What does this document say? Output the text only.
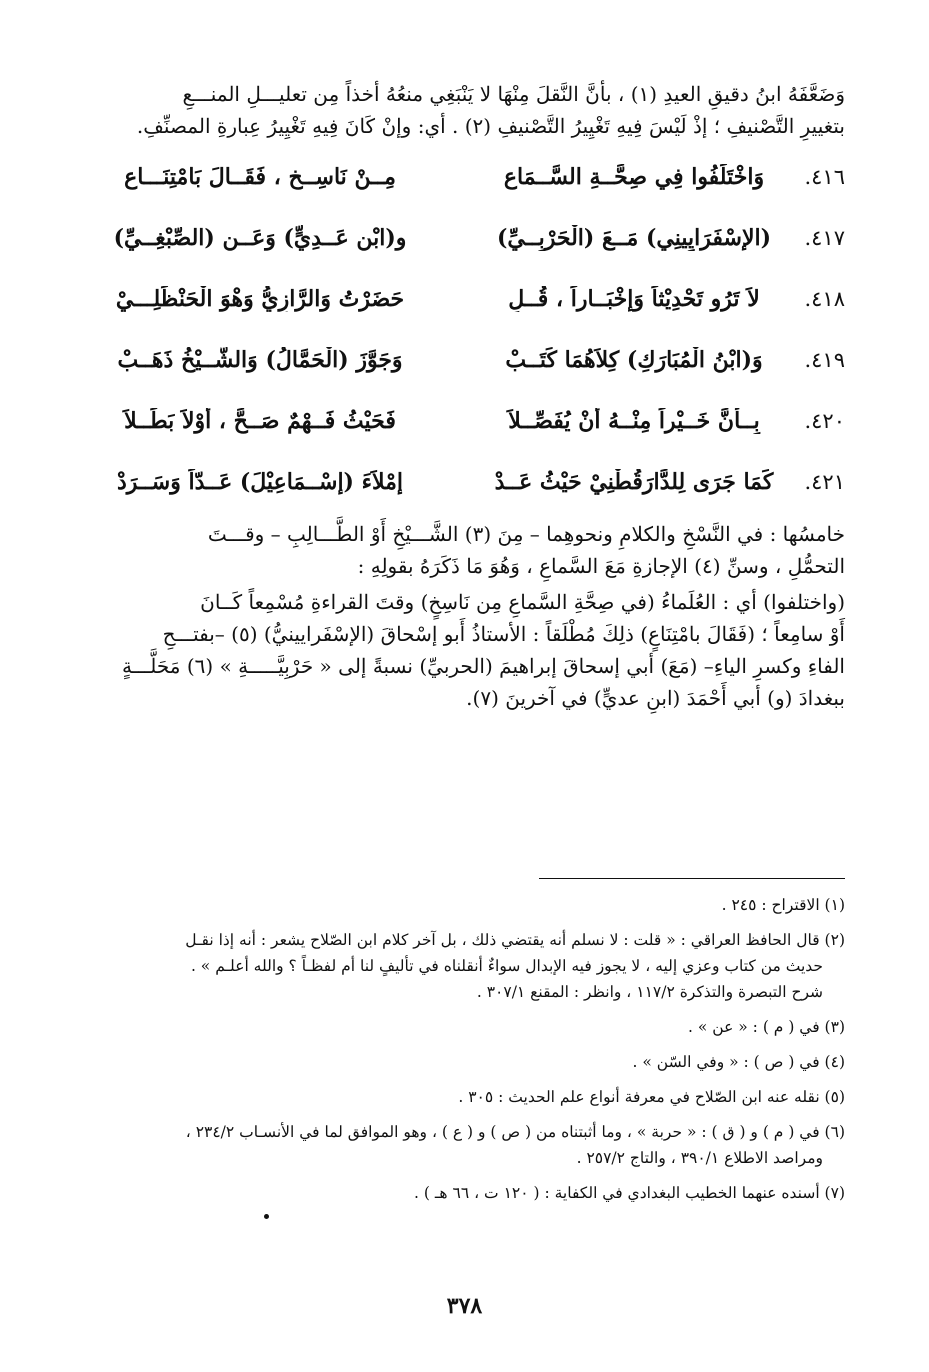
وَضَعَّفَهُ ابنُ دقيقِ العيدِ (١) ، بأنَّ النَّقلَ مِنْهَا لا يَنْبَغِي منعُهُ أخذاً مِن تعليـــلِ المنـــعِ

بتغييرِ التَّصْنيفِ ؛ إذْ لَيْسَ فِيهِ تَغْيِيرُ التَّصْنيفِ (٢) . أي: وإنْ كَانَ فِيهِ تَغْيِيرُ عِبارةِ المصنِّفِ.

٤١٦.
وَاخْتَلَفُوا فِي صِحَّــةِ السَّــمَاعِ
مِــنْ نَاسِــخٍ ، فَقَــالَ بَامْتِنَـــاعِ
٤١٧.
(الإسْفَرَايِينِي) مَــعَ (الْحَرْبِــيِّ)
و(ابْنِ عَــدِيٍّ) وَعَــنِ (الصِّبْغِــيِّ)
٤١٨.
لاَ تَرُو تَحْدِيْثاً وَإخْبَــاراً ، قُــلِ
حَضَرْتُ وَالرَّازِيُّ وَهْوَ الْحَنْظَلِـــيْ
٤١٩.
وَ(ابْنُ الْمُبَارَكِ) كِلاَهُمَا كَتَــبْ
وَجَوَّزَ (الْحَمَّالُ) وَالشَّــيْخُ ذَهَــبْ
٤٢٠.
بِــأَنَّ خَــيْراً مِنْــهُ أَنْ يُفَصِّــلاَ
فَحَيْثُ فَــهْمٌ صَــحَّ ، أوْلاَ بَطَــلاَ
٤٢١.
كَمَا جَرَى لِلدَّارَقُطْنِيْ حَيْثُ عَــدْ
إمْلاَءَ (إسْــمَاعِيْلَ) عَــدّاً وَسَــرَدْ

خامسُها : في النَّسْخِ والكلامِ ونحوهِما – مِنَ (٣) الشَّـــيْخِ أَوْ الطَّـــالِبِ – وقـــتَ

التحمُّلِ ، وسنِّ (٤) الإجازةِ مَعَ السَّماعِ ، وَهُوَ مَا ذَكَرَهُ بقولِهِ :

(واختلفوا) أي : العُلَماءُ (في صِحَّةِ السَّماعِ مِن نَاسِخٍ) وقتَ القراءةِ مُسْمِعاً كَــانَ

أَوْ سامِعاً ؛ (فَقَالَ بامْتِنَاعٍ) ذلِكَ مُطْلَقاً : الأستاذُ أَبو إسْحاقَ (الإسْفَرايينيُّ) (٥) –بفتـــحِ

الفاءِ وكسرِ الياءِ– (مَعَ) أبي إسحاقَ إبراهيمَ (الحربيِّ) نسبةً إلى « حَرْبِيَّـــــةِ » (٦) مَحَلَّـــةٍ

ببغدادَ (و) أبي أَحْمَدَ (ابنِ عديٍّ) في آخرينَ (٧).

(١) الاقتراح : ٢٤٥ .

(٢) قال الحافظ العراقي : « قلت : لا نسلم أنه يقتضي ذلك ، بل آخر كلام ابن الصّلاح يشعر : أنه إذا نقـل
حديث من كتاب وعزي إليه ، لا يجوز فيه الإبدال سواءٌ أنقلناه في تأليفٍ لنا أم لفظـاً ؟ والله أعلـم » .
شرح التبصرة والتذكرة ١١٧/٢ ، وانظر : المقنع ٣٠٧/١ .

(٣) في ( م ) : « عن » .

(٤) في ( ص ) : « وفي السّن » .

(٥) نقله عنه ابن الصّلاح في معرفة أنواع علم الحديث : ٣٠٥ .

(٦) في ( م ) و ( ق ) : « حربة » ، وما أثبتناه من ( ص ) و ( ع ) ، وهو الموافق لما في الأنسـاب ٢٣٤/٢ ،
ومراصد الاطلاع ٣٩٠/١ ، والتاج ٢٥٧/٢ .

(٧) أسنده عنهما الخطيب البغدادي في الكفاية : ( ١٢٠ ت ، ٦٦ هـ ) .

٣٧٨
